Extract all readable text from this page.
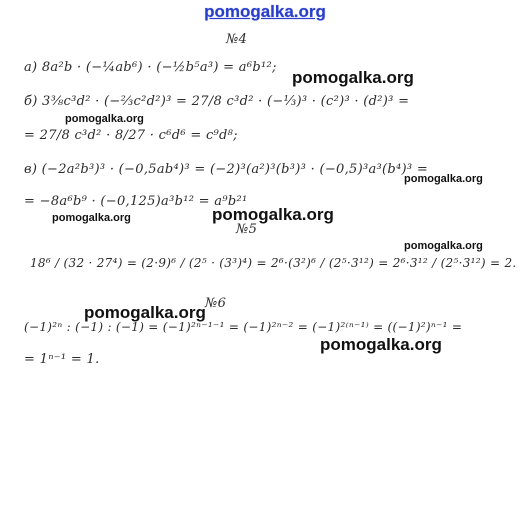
pomogalka.org
№4
a) 8a²b · (−¼ab⁶) · (−½b⁵a³) = a⁶b¹²;
б) 3⅜c³d² · (−⅔c²d²)³ = 27/8 c³d² · (−⅓)³ · (c²)³ · (d²)³ =
= 27/8 c³d² · 8/27 · c⁶d⁶ = c⁹d⁸;
в) (−2a²b³)³ · (−0,5ab⁴)³ = (−2)³(a²)³(b³)³ · (−0,5)³a³(b⁴)³ =
= −8a⁶b⁹ · (−0,125)a³b¹² = a⁹b²¹
№5
18⁶ / (32 · 27⁴) = (2·9)⁶ / (2⁵ · (3³)⁴) = 2⁶·(3²)⁶ / (2⁵·3¹²) = 2⁶·3¹² / (2⁵·3¹²) = 2.
№6
(−1)²ⁿ : (−1) : (−1) = (−1)²ⁿ⁻¹⁻¹ = (−1)²ⁿ⁻² = (−1)²⁽ⁿ⁻¹⁾ = ((−1)²)ⁿ⁻¹ =
= 1ⁿ⁻¹ = 1.
pomogalka.org
pomogalka.org
pomogalka.org
pomogalka.org
pomogalka.org
pomogalka.org
pomogalka.org
pomogalka.org
